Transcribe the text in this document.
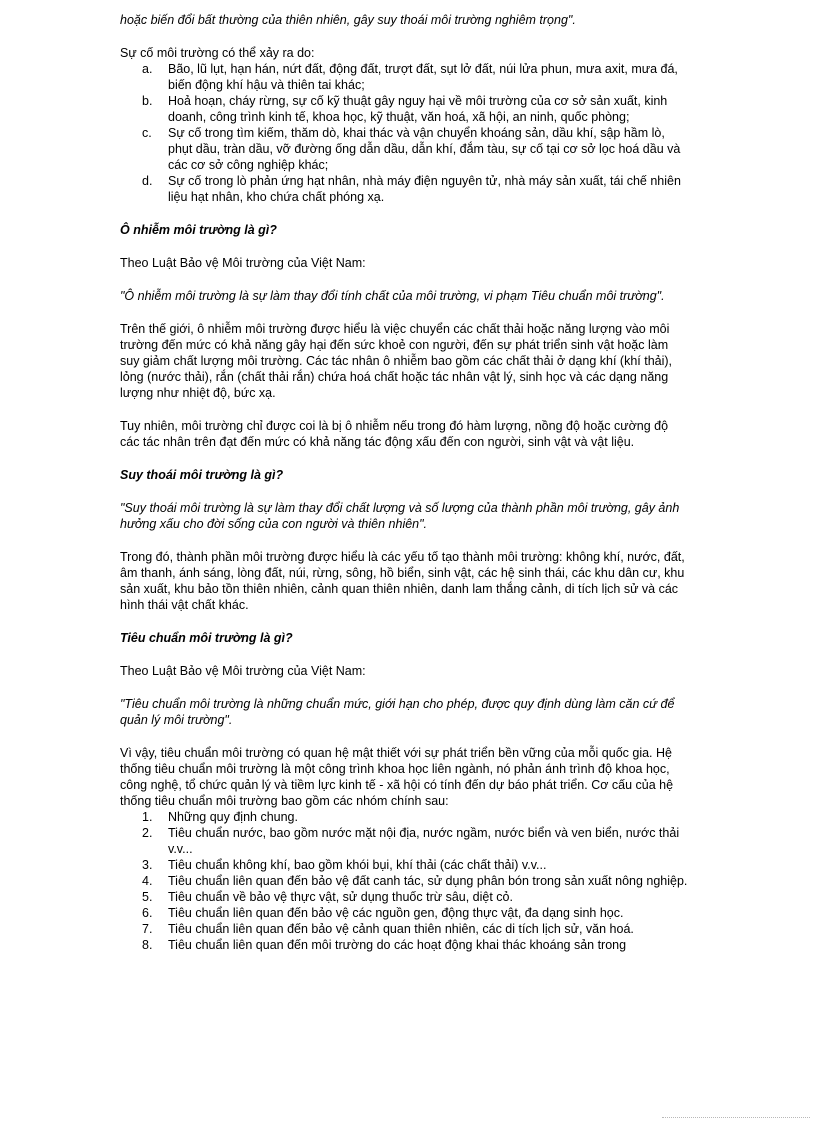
hoặc biến đổi bất thường của thiên nhiên, gây suy thoái môi trường nghiêm trọng".

Sự cố môi trường có thể xảy ra do:

a. Bão, lũ lụt, hạn hán, nứt đất, động đất, trượt đất, sụt lở đất, núi lửa phun, mưa axit, mưa đá, biến động khí hậu và thiên tai khác;
b. Hoả hoạn, cháy rừng, sự cố kỹ thuật gây nguy hại về môi trường của cơ sở sản xuất, kinh doanh, công trình kinh tế, khoa học, kỹ thuật, văn hoá, xã hội, an ninh, quốc phòng;
c. Sự cố trong tìm kiếm, thăm dò, khai thác và vận chuyển khoáng sản, dầu khí, sập hầm lò, phụt dầu, tràn dầu, vỡ đường ống dẫn dầu, dẫn khí, đắm tàu, sự cố tại cơ sở lọc hoá dầu và các cơ sở công nghiệp khác;
d. Sự cố trong lò phản ứng hạt nhân, nhà máy điện nguyên tử, nhà máy sản xuất, tái chế nhiên liệu hạt nhân, kho chứa chất phóng xạ.

Ô nhiễm môi trường là gì?

Theo Luật Bảo vệ Môi trường của Việt Nam:

"Ô nhiễm môi trường là sự làm thay đổi tính chất của môi trường, vi phạm Tiêu chuẩn môi trường".

Trên thế giới, ô nhiễm môi trường được hiểu là việc chuyển các chất thải hoặc năng lượng vào môi trường đến mức có khả năng gây hại đến sức khoẻ con người, đến sự phát triển sinh vật hoặc làm suy giảm chất lượng môi trường. Các tác nhân ô nhiễm bao gồm các chất thải ở dạng khí (khí thải), lỏng (nước thải), rắn (chất thải rắn) chứa hoá chất hoặc tác nhân vật lý, sinh học và các dạng năng lượng như nhiệt độ, bức xạ.

Tuy nhiên, môi trường chỉ được coi là bị ô nhiễm nếu trong đó hàm lượng, nồng độ hoặc cường độ các tác nhân trên đạt đến mức có khả năng tác động xấu đến con người, sinh vật và vật liệu.

Suy thoái môi trường là gì?

"Suy thoái môi trường là sự làm thay đổi chất lượng và số lượng của thành phần môi trường, gây ảnh hưởng xấu cho đời sống của con người và thiên nhiên".

Trong đó, thành phần môi trường được hiểu là các yếu tố tạo thành môi trường: không khí, nước, đất, âm thanh, ánh sáng, lòng đất, núi, rừng, sông, hồ biển, sinh vật, các hệ sinh thái, các khu dân cư, khu sản xuất, khu bảo tồn thiên nhiên, cảnh quan thiên nhiên, danh lam thắng cảnh, di tích lịch sử và các hình thái vật chất khác.

Tiêu chuẩn môi trường là gì?

Theo Luật Bảo vệ Môi trường của Việt Nam:

"Tiêu chuẩn môi trường là những chuẩn mức, giới hạn cho phép, được quy định dùng làm căn cứ để quản lý môi trường".

Vì vậy, tiêu chuẩn môi trường có quan hệ mật thiết với sự phát triển bền vững của mỗi quốc gia. Hệ thống tiêu chuẩn môi trường là một công trình khoa học liên ngành, nó phản ánh trình độ khoa học, công nghệ, tổ chức quản lý và tiềm lực kinh tế - xã hội có tính đến dự báo phát triển. Cơ cấu của hệ thống tiêu chuẩn môi trường bao gồm các nhóm chính sau:

1. Những quy định chung.
2. Tiêu chuẩn nước, bao gồm nước mặt nội địa, nước ngầm, nước biển và ven biển, nước thải v.v...
3. Tiêu chuẩn không khí, bao gồm khói bụi, khí thải (các chất thải) v.v...
4. Tiêu chuẩn liên quan đến bảo vệ đất canh tác, sử dụng phân bón trong sản xuất nông nghiệp.
5. Tiêu chuẩn về bảo vệ thực vật, sử dụng thuốc trừ sâu, diệt cỏ.
6. Tiêu chuẩn liên quan đến bảo vệ các nguồn gen, động thực vật, đa dạng sinh học.
7. Tiêu chuẩn liên quan đến bảo vệ cảnh quan thiên nhiên, các di tích lịch sử, văn hoá.
8. Tiêu chuẩn liên quan đến môi trường do các hoạt động khai thác khoáng sản trong
